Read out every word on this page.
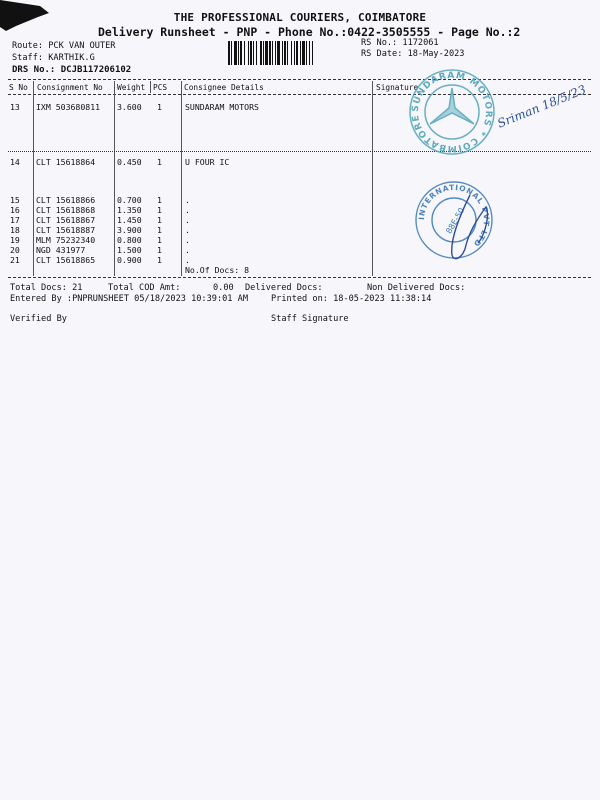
THE PROFESSIONAL COURIERS, COIMBATORE
Delivery Runsheet - PNP - Phone No.:0422-3505555 - Page No.:2
Route: PCK VAN OUTER
Staff: KARTHIK.G
DRS No.: DCJB117206102
RS No.: 1172061
RS Date: 18-May-2023
S No Consignment No Weight PCS Consignee Details	Signature
13 IXM 503680811 3.600 1	SUNDARAM MOTORS
14 CLT 15618864	0.450 1	U FOUR IC
15 CLT 15618866	0.700 1	.
16 CLT 15618868	1.350 1	.
17 CLT 15618867	1.450 1	.
18 CLT 15618887	3.900 1	.
19 MLM 75232340	0.800 1	.
20 NGD 431977	1.500 1	.
21 CLT 15618865	0.900 1	.
No.Of Docs: 8
Total Docs: 21	Total COD Amt:	0.00 Delivered Docs:	Non Delivered Docs:
Entered By :PNPRUNSHEET 05/18/2023 10:39:01 AM	Printed on: 18-05-2023 11:38:14
Verified By	Staff Signature
SUNDARAM MOTORS * COIMBATORE	Sriman 18/5/23
INTERNATIONAL PVT LTD
88E-50
